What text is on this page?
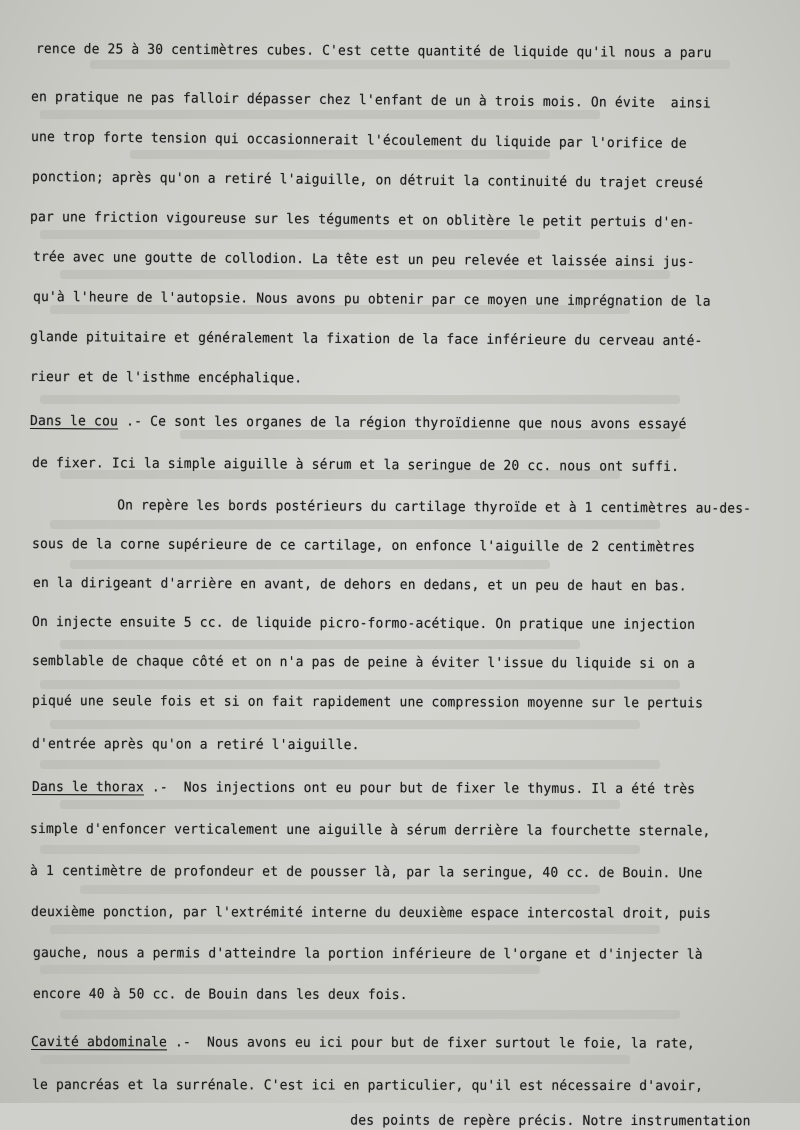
rence de 25 à 30 centimètres cubes. C'est cette quantité de liquide qu'il nous a paru

en pratique ne pas falloir dépasser chez l'enfant de un à trois mois. On évite  ainsi

une trop forte tension qui occasionnerait l'écoulement du liquide par l'orifice de

ponction; après qu'on a retiré l'aiguille, on détruit la continuité du trajet creusé

par une friction vigoureuse sur les téguments et on oblitère le petit pertuis d'en-

trée avec une goutte de collodion. La tête est un peu relevée et laissée ainsi jus-

qu'à l'heure de l'autopsie. Nous avons pu obtenir par ce moyen une imprégnation de la

glande pituitaire et généralement la fixation de la face inférieure du cerveau anté-

rieur et de l'isthme encéphalique.

Dans le cou .- Ce sont les organes de la région thyroïdienne que nous avons essayé

de fixer. Ici la simple aiguille à sérum et la seringue de 20 cc. nous ont suffi.

On repère les bords postérieurs du cartilage thyroïde et à 1 centimètres au-des-

sous de la corne supérieure de ce cartilage, on enfonce l'aiguille de 2 centimètres

en la dirigeant d'arrière en avant, de dehors en dedans, et un peu de haut en bas.

On injecte ensuite 5 cc. de liquide picro-formo-acétique. On pratique une injection

semblable de chaque côté et on n'a pas de peine à éviter l'issue du liquide si on a

piqué une seule fois et si on fait rapidement une compression moyenne sur le pertuis

d'entrée après qu'on a retiré l'aiguille.

Dans le thorax .-  Nos injections ont eu pour but de fixer le thymus. Il a été très

simple d'enfoncer verticalement une aiguille à sérum derrière la fourchette sternale,

à 1 centimètre de profondeur et de pousser là, par la seringue, 40 cc. de Bouin. Une

deuxième ponction, par l'extrémité interne du deuxième espace intercostal droit, puis

gauche, nous a permis d'atteindre la portion inférieure de l'organe et d'injecter là

encore 40 à 50 cc. de Bouin dans les deux fois.

Cavité abdominale .-  Nous avons eu ici pour but de fixer surtout le foie, la rate,

le pancréas et la surrénale. C'est ici en particulier, qu'il est nécessaire d'avoir,

des points de repère précis. Notre instrumentation
